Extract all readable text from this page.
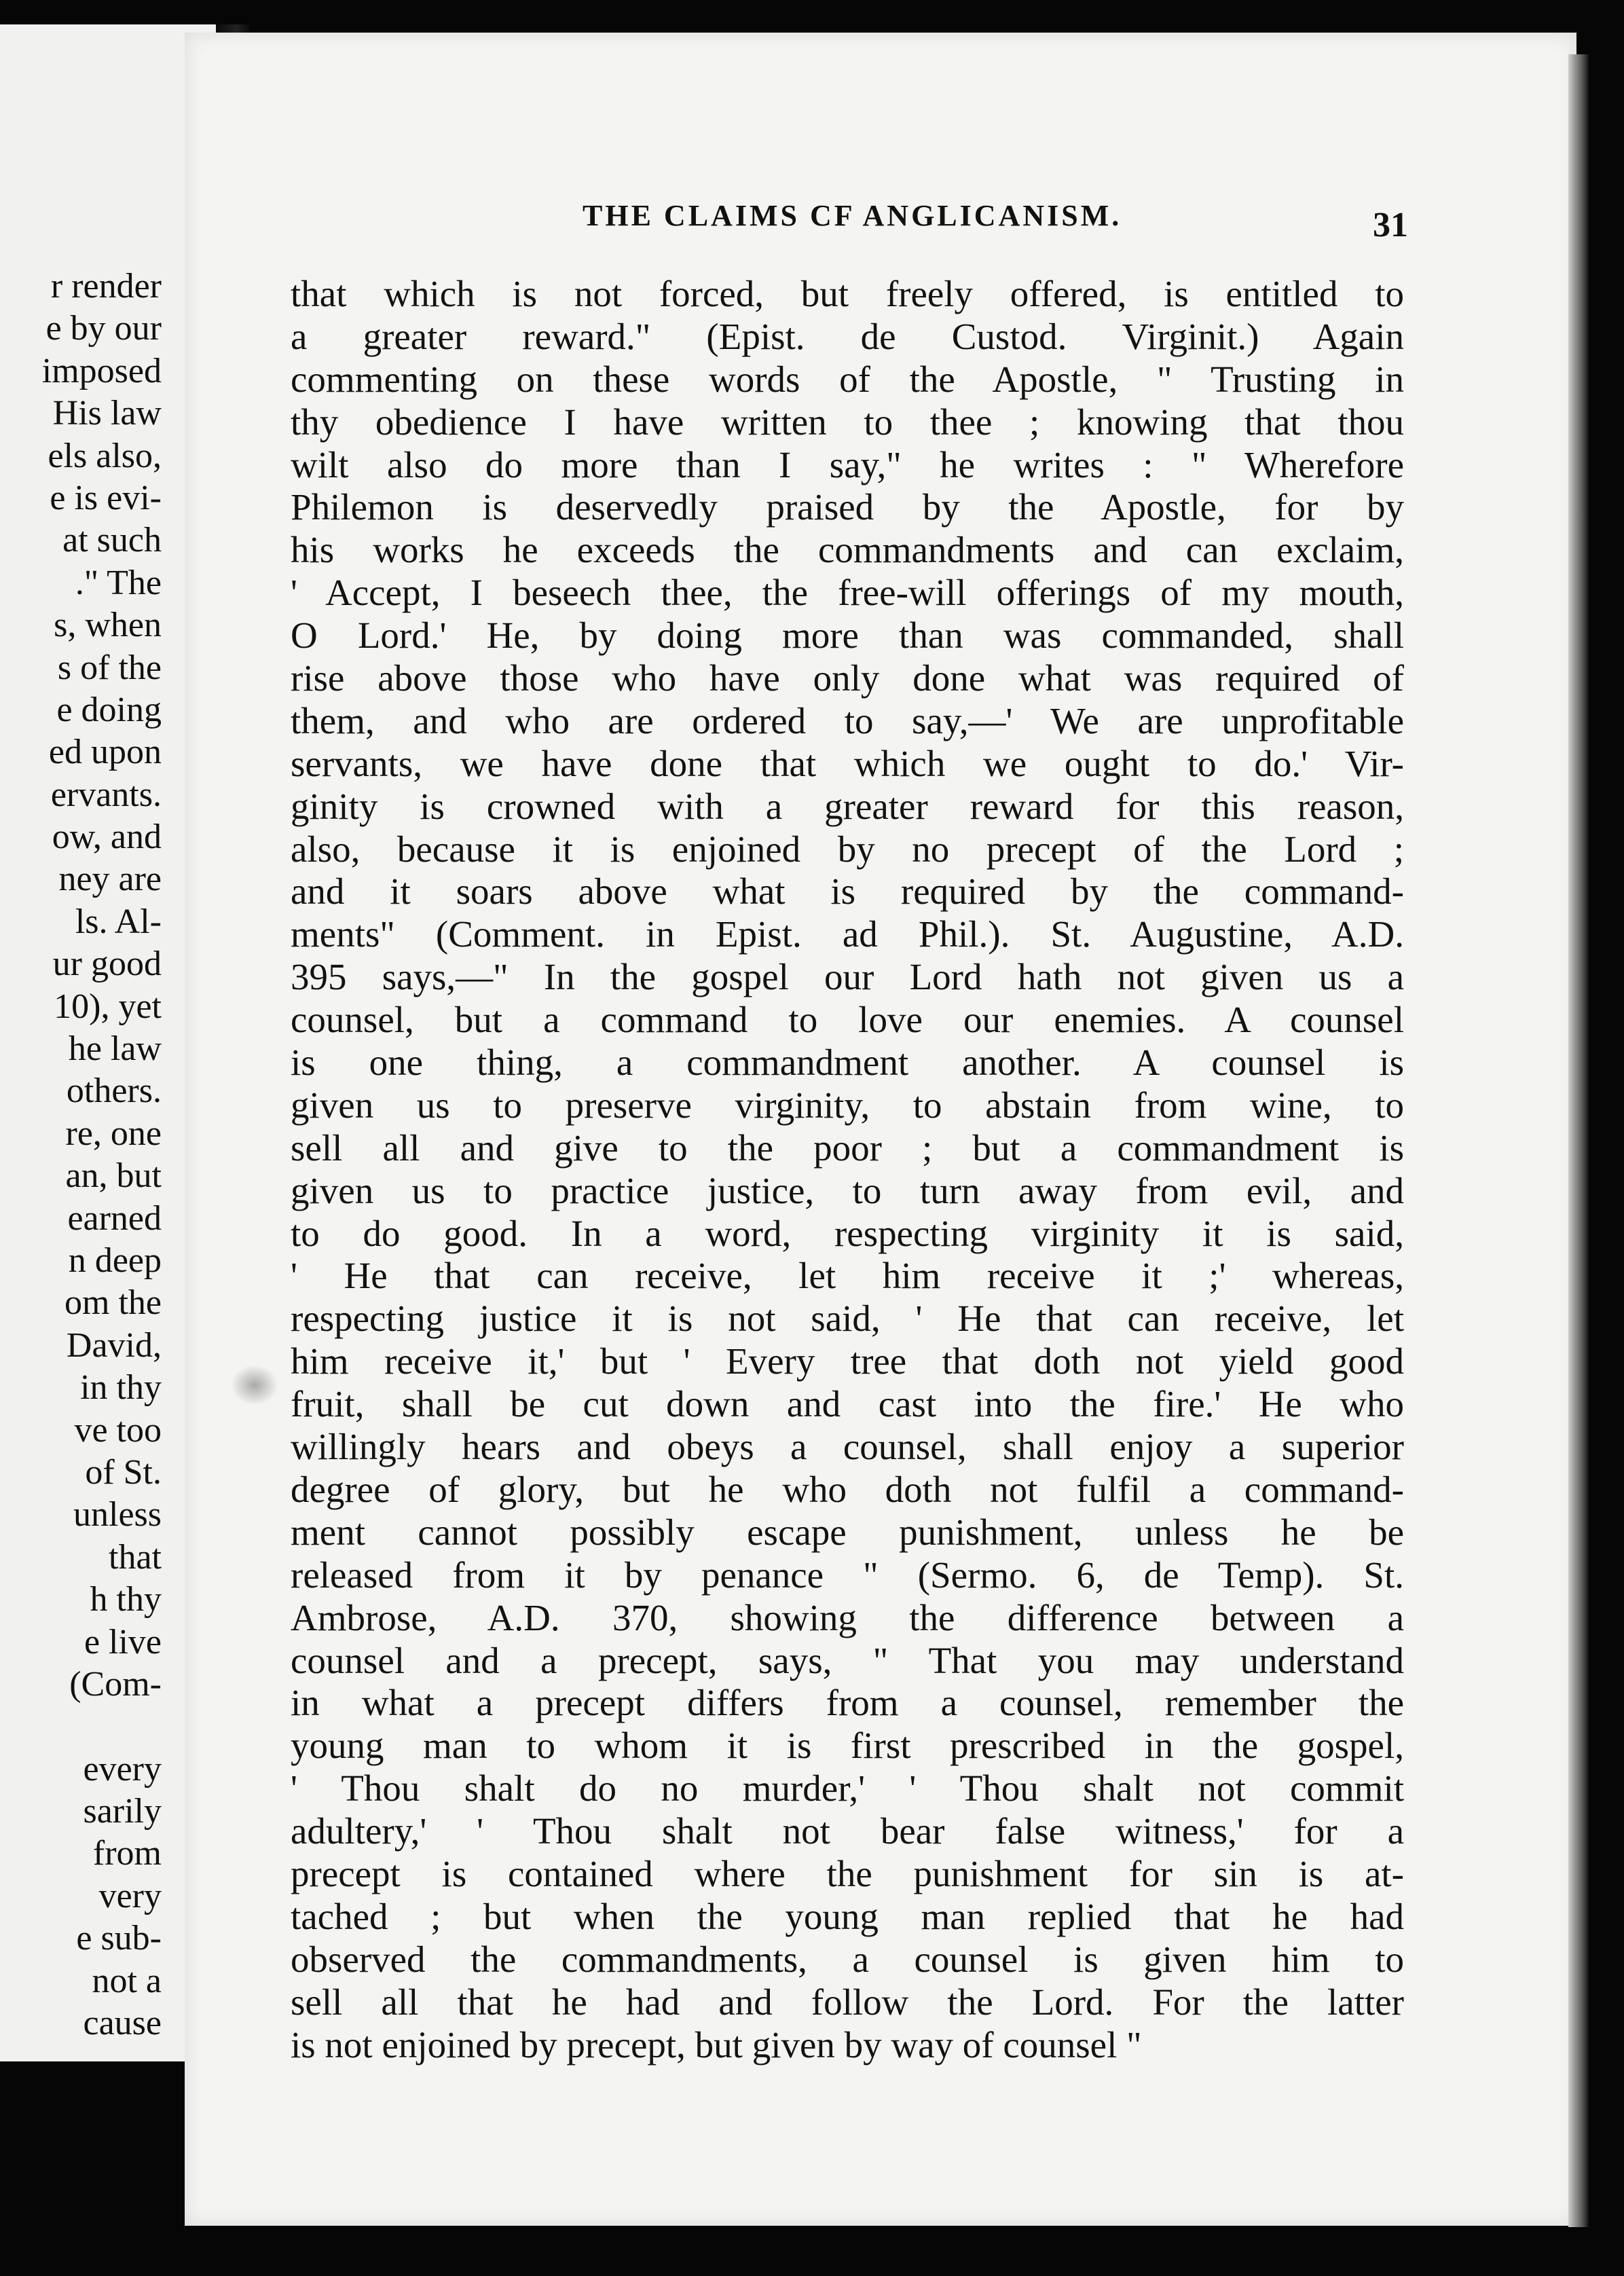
r render
e by our
imposed
His law
els also,
e is evi-
at such
." The
s, when
s of the
e doing
ed upon
ervants.
ow, and
ney are
ls. Al-
ur good
10), yet
he law
others.
re, one
an, but
earned
n deep
om the
David,
in thy
ve too
of St.
unless
that
h thy
e live
(Com-
every
sarily
from
very
e sub-
not a
cause
THE CLAIMS CF ANGLICANISM.	31
that which is not forced, but freely offered, is entitled to
a greater reward." (Epist. de Custod. Virginit.) Again
commenting on these words of the Apostle, " Trusting in
thy obedience I have written to thee ; knowing that thou
wilt also do more than I say," he writes : " Wherefore
Philemon is deservedly praised by the Apostle, for by
his works he exceeds the commandments and can exclaim,
' Accept, I beseech thee, the free-will offerings of my mouth,
O Lord.' He, by doing more than was commanded, shall
rise above those who have only done what was required of
them, and who are ordered to say,—' We are unprofitable
servants, we have done that which we ought to do.' Vir-
ginity is crowned with a greater reward for this reason,
also, because it is enjoined by no precept of the Lord ;
and it soars above what is required by the command-
ments" (Comment. in Epist. ad Phil.). St. Augustine, A.D.
395 says,—" In the gospel our Lord hath not given us a
counsel, but a command to love our enemies. A counsel
is one thing, a commandment another. A counsel is
given us to preserve virginity, to abstain from wine, to
sell all and give to the poor ; but a commandment is
given us to practice justice, to turn away from evil, and
to do good. In a word, respecting virginity it is said,
' He that can receive, let him receive it ;' whereas,
respecting justice it is not said, ' He that can receive, let
him receive it,' but ' Every tree that doth not yield good
fruit, shall be cut down and cast into the fire.' He who
willingly hears and obeys a counsel, shall enjoy a superior
degree of glory, but he who doth not fulfil a command-
ment cannot possibly escape punishment, unless he be
released from it by penance " (Sermo. 6, de Temp). St.
Ambrose, A.D. 370, showing the difference between a
counsel and a precept, says, " That you may understand
in what a precept differs from a counsel, remember the
young man to whom it is first prescribed in the gospel,
' Thou shalt do no murder,' ' Thou shalt not commit
adultery,' ' Thou shalt not bear false witness,' for a
precept is contained where the punishment for sin is at-
tached ; but when the young man replied that he had
observed the commandments, a counsel is given him to
sell all that he had and follow the Lord. For the latter
is not enjoined by precept, but given by way of counsel "
